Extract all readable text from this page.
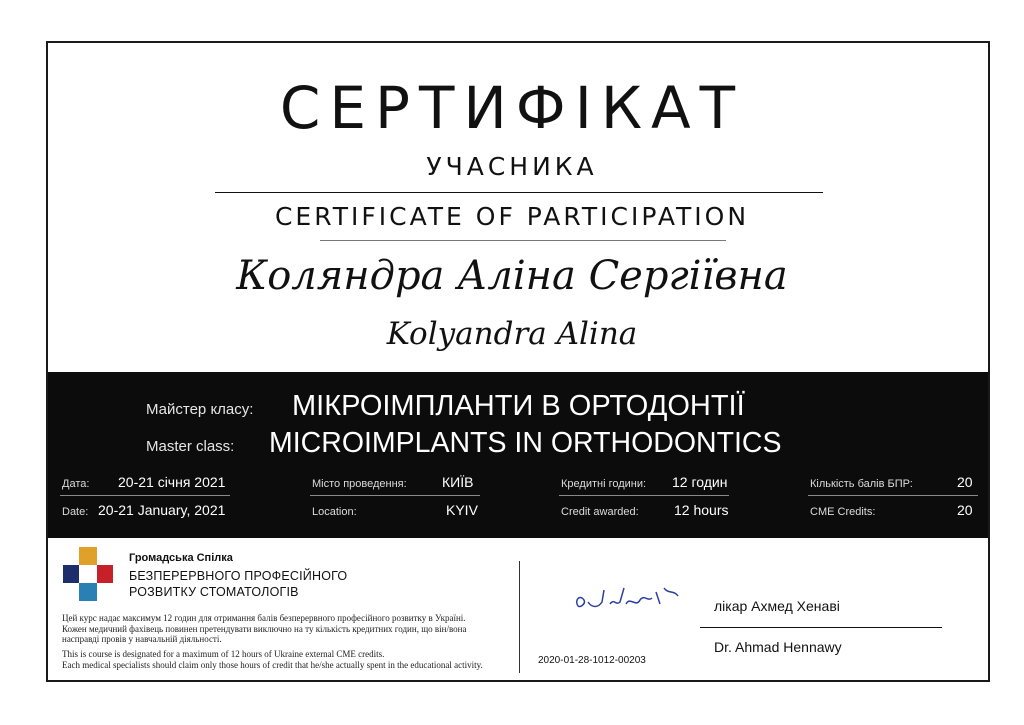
СЕРТИФІКАТ
УЧАСНИКА
CERTIFICATE OF PARTICIPATION
Коляндра Аліна Сергіївна
Kolyandra Alina
Майстер класу: МІКРОІМПЛАНТИ В ОРТОДОНТІЇ
Master class: MICROIMPLANTS IN ORTHODONTICS
Дата: 20-21 січня 2021
Date: 20-21 January, 2021
Місто проведення:	КИЇВ
Location:	KYIV
Кредитні години: 12 годин
Credit awarded:	12 hours
Кількість балів БПР:	20
CME Credits:	20
Громадська Спілка
БЕЗПЕРЕРВНОГО ПРОФЕСІЙНОГО
РОЗВИТКУ СТОМАТОЛОГІВ
Цей курс надає максимум 12 годин для отримання балів безперервного професійного розвитку в Україні.
Кожен медичний фахівець повинен претендувати виключно на ту кількість кредитних годин, що він/вона
насправді провів у навчальній діяльності.
This is course is designated for a maximum of 12 hours of Ukraine external CME credits.
Each medical specialists should claim only those hours of credit that he/she actually spent in the educational activity.	2020-01-28-1012-00203
лікар Ахмед Хенаві
Dr. Ahmad Hennawy
